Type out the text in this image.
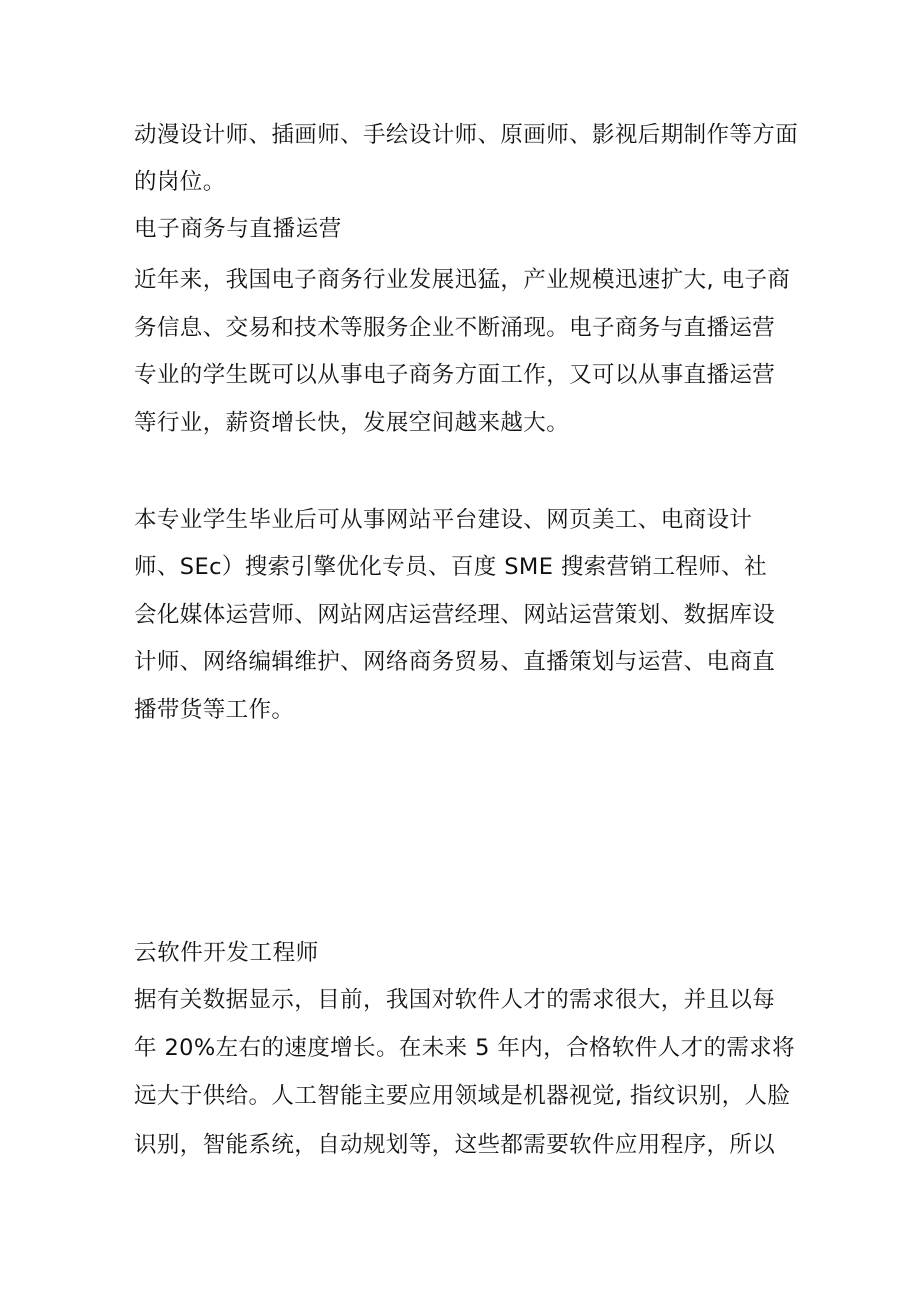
动漫设计师、插画师、手绘设计师、原画师、影视后期制作等方面
的岗位。
电子商务与直播运营
近年来，我国电子商务行业发展迅猛，产业规模迅速扩大, 电子商
务信息、交易和技术等服务企业不断涌现。电子商务与直播运营
专业的学生既可以从事电子商务方面工作，又可以从事直播运营
等行业，薪资增长快，发展空间越来越大。
本专业学生毕业后可从事网站平台建设、网页美工、电商设计
师、SEc）搜索引擎优化专员、百度 SME 搜索营销工程师、社
会化媒体运营师、网站网店运营经理、网站运营策划、数据库设
计师、网络编辑维护、网络商务贸易、直播策划与运营、电商直
播带货等工作。
云软件开发工程师
据有关数据显示，目前，我国对软件人才的需求很大，并且以每
年 20%左右的速度增长。在未来 5 年内，合格软件人才的需求将
远大于供给。人工智能主要应用领域是机器视觉, 指纹识别，人脸
识别，智能系统，自动规划等，这些都需要软件应用程序，所以
